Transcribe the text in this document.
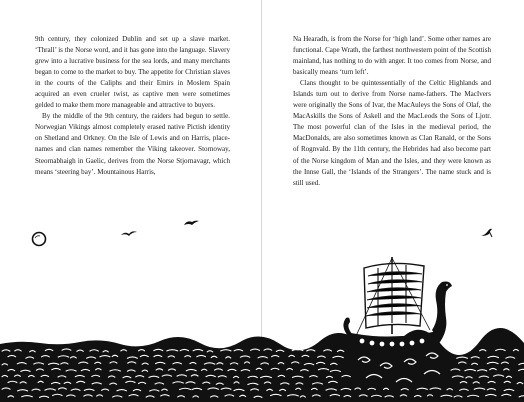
9th century, they colonized Dublin and set up a slave market. ‘Thrall’ is the Norse word, and it has gone into the language. Slavery grew into a lucrative business for the sea lords, and many merchants began to come to the market to buy. The appetite for Christian slaves in the courts of the Caliphs and their Emirs in Moslem Spain acquired an even crueler twist, as captive men were sometimes gelded to make them more manageable and attractive to buyers.

By the middle of the 9th century, the raiders had begun to settle. Norwegian Vikings almost completely erased native Pictish identity on Shetland and Orkney. On the Isle of Lewis and on Harris, place-names and clan names remember the Viking takeover. Stornoway, Steornabhaigh in Gaelic, derives from the Norse Stjornavagr, which means ‘steering bay’. Mountainous Harris,

Na Hearadh, is from the Norse for ‘high land’. Some other names are functional. Cape Wrath, the farthest northwestern point of the Scottish mainland, has nothing to do with anger. It too comes from Norse, and basically means ‘turn left’.

Clans thought to be quintessentially of the Celtic Highlands and Islands turn out to derive from Norse name-fathers. The MacIvers were originally the Sons of Ivar, the MacAuleys the Sons of Olaf, the MacAskills the Sons of Askell and the MacLeods the Sons of Ljotr. The most powerful clan of the Isles in the medieval period, the MacDonalds, are also sometimes known as Clan Ranald, or the Sons of Rognvald. By the 11th century, the Hebrides had also become part of the Norse kingdom of Man and the Isles, and they were known as the Innse Gall, the ‘Islands of the Strangers’. The name stuck and is still used.
